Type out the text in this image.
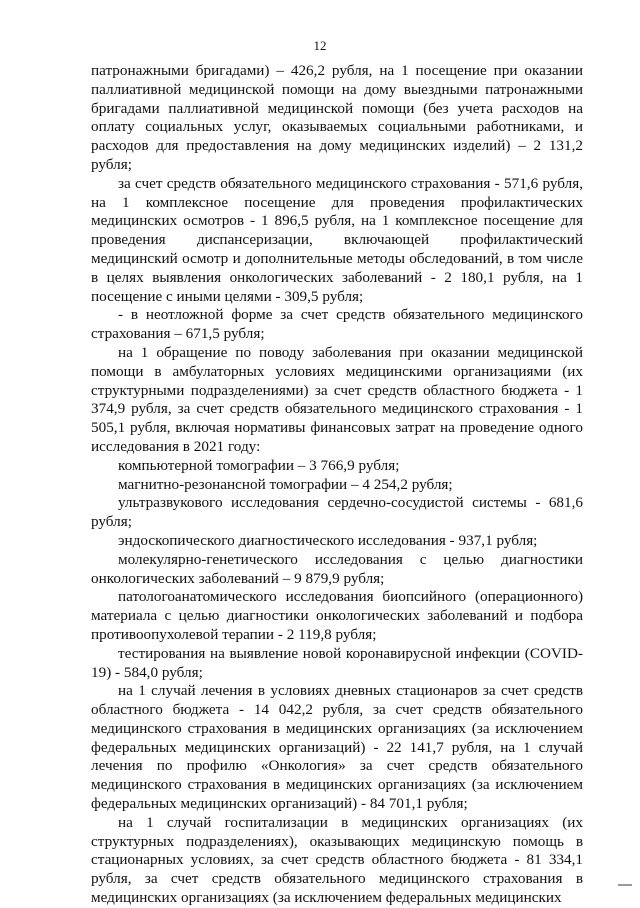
12

патронажными бригадами) – 426,2 рубля, на 1 посещение при оказании паллиативной медицинской помощи на дому выездными патронажными бригадами паллиативной медицинской помощи (без учета расходов на оплату социальных услуг, оказываемых социальными работниками, и расходов для предоставления на дому медицинских изделий) – 2 131,2 рубля;

за счет средств обязательного медицинского страхования - 571,6 рубля, на 1 комплексное посещение для проведения профилактических медицинских осмотров - 1 896,5 рубля, на 1 комплексное посещение для проведения диспансеризации, включающей профилактический медицинский осмотр и дополнительные методы обследований, в том числе в целях выявления онкологических заболеваний - 2 180,1 рубля, на 1 посещение с иными целями - 309,5 рубля;

- в неотложной форме за счет средств обязательного медицинского страхования – 671,5 рубля;

на 1 обращение по поводу заболевания при оказании медицинской помощи в амбулаторных условиях медицинскими организациями (их структурными подразделениями) за счет средств областного бюджета - 1 374,9 рубля, за счет средств обязательного медицинского страхования - 1 505,1 рубля, включая нормативы финансовых затрат на проведение одного исследования в 2021 году:

компьютерной томографии – 3 766,9 рубля;

магнитно-резонансной томографии – 4 254,2 рубля;

ультразвукового исследования сердечно-сосудистой системы - 681,6 рубля;

эндоскопического диагностического исследования - 937,1 рубля;

молекулярно-генетического исследования с целью диагностики онкологических заболеваний – 9 879,9 рубля;

патологоанатомического исследования биопсийного (операционного) материала с целью диагностики онкологических заболеваний и подбора противоопухолевой терапии - 2 119,8 рубля;

тестирования на выявление новой коронавирусной инфекции (COVID-19) - 584,0 рубля;

на 1 случай лечения в условиях дневных стационаров за счет средств областного бюджета - 14 042,2 рубля, за счет средств обязательного медицинского страхования в медицинских организациях (за исключением федеральных медицинских организаций) - 22 141,7 рубля, на 1 случай лечения по профилю «Онкология» за счет средств обязательного медицинского страхования в медицинских организациях (за исключением федеральных медицинских организаций) - 84 701,1 рубля;

на 1 случай госпитализации в медицинских организациях (их структурных подразделениях), оказывающих медицинскую помощь в стационарных условиях, за счет средств областного бюджета - 81 334,1 рубля, за счет средств обязательного медицинского страхования в медицинских организациях (за исключением федеральных медицинских
